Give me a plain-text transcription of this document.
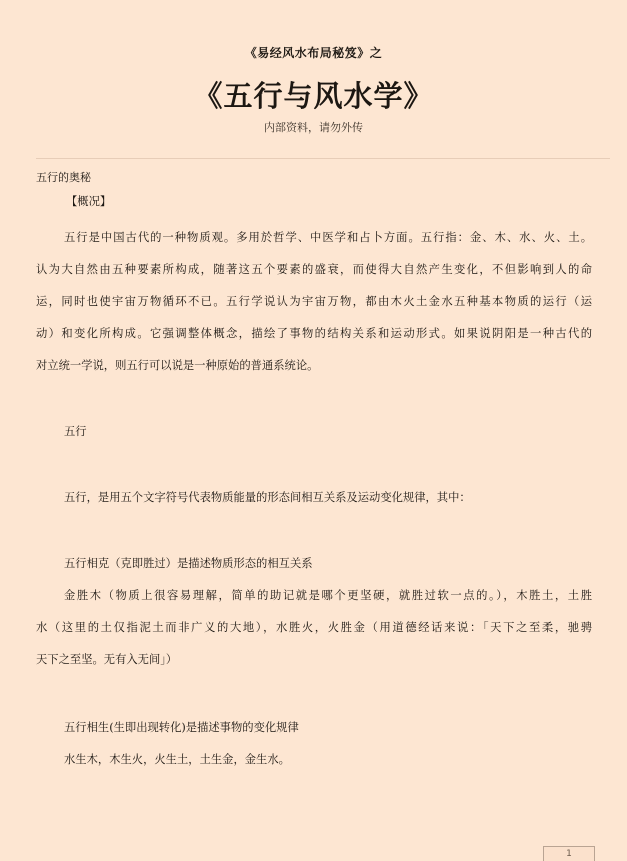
《易经风水布局秘笈》之
《五行与风水学》
内部资料，请勿外传
五行的奥秘
【概况】
五行是中国古代的一种物质观。多用於哲学、中医学和占卜方面。五行指：金、木、水、火、土。
认为大自然由五种要素所构成，随著这五个要素的盛衰，而使得大自然产生变化，不但影响到人的命
运，同时也使宇宙万物循环不已。五行学说认为宇宙万物，都由木火土金水五种基本物质的运行（运
动）和变化所构成。它强调整体概念，描绘了事物的结构关系和运动形式。如果说阴阳是一种古代的
对立统一学说，则五行可以说是一种原始的普通系统论。
五行
五行，是用五个文字符号代表物质能量的形态间相互关系及运动变化规律，其中：
五行相克（克即胜过）是描述物质形态的相互关系
金胜木（物质上很容易理解，简单的助记就是哪个更坚硬，就胜过软一点的。），木胜土，土胜
水（这里的土仅指泥土而非广义的大地），水胜火，火胜金（用道德经话来说：「天下之至柔，驰骋
天下之至坚。无有入无间」）
五行相生(生即出现转化)是描述事物的变化规律
水生木，木生火，火生土，土生金，金生水。
1
